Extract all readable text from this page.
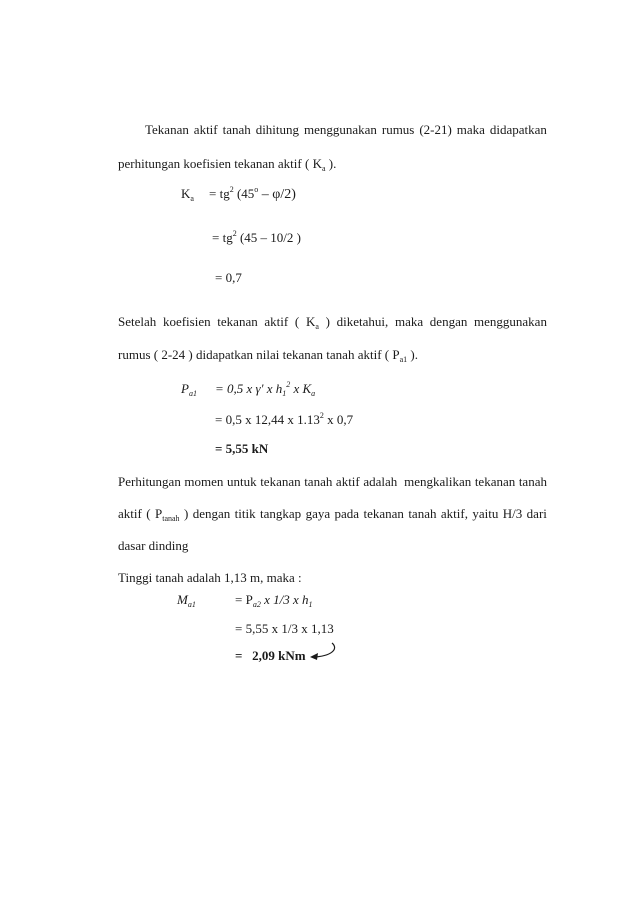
Tekanan aktif tanah dihitung menggunakan rumus (2-21) maka didapatkan
perhitungan koefisien tekanan aktif ( $K_a$ ).
$K_a = tg^2$ (45$^o$ – φ/2)
= $tg^2$ (45 – 10/2 )
= 0,7
Setelah koefisien tekanan aktif ( $K_a$ ) diketahui, maka dengan menggunakan
rumus ( 2-24 ) didapatkan nilai tekanan tanah aktif ( $P_{a1}$ ).
$P_{a1} = 0,5$ x γ' x $h_1^2$ x $K_a$
= 0,5 x 12,44 x 1.13$^2$ x 0,7
= 5,55 kN
Perhitungan momen untuk tekanan tanah aktif adalah mengkalikan tekanan tanah
aktif ( $P_{tanah}$ ) dengan titik tangkap gaya pada tekanan tanah aktif, yaitu H/3 dari
dasar dinding
Tinggi tanah adalah 1,13 m, maka :
$M_{a1}$	= $P_{a2}$ x 1/3 x $h_1$
= 5,55 x 1/3 x 1,13
= 2,09 kNm
